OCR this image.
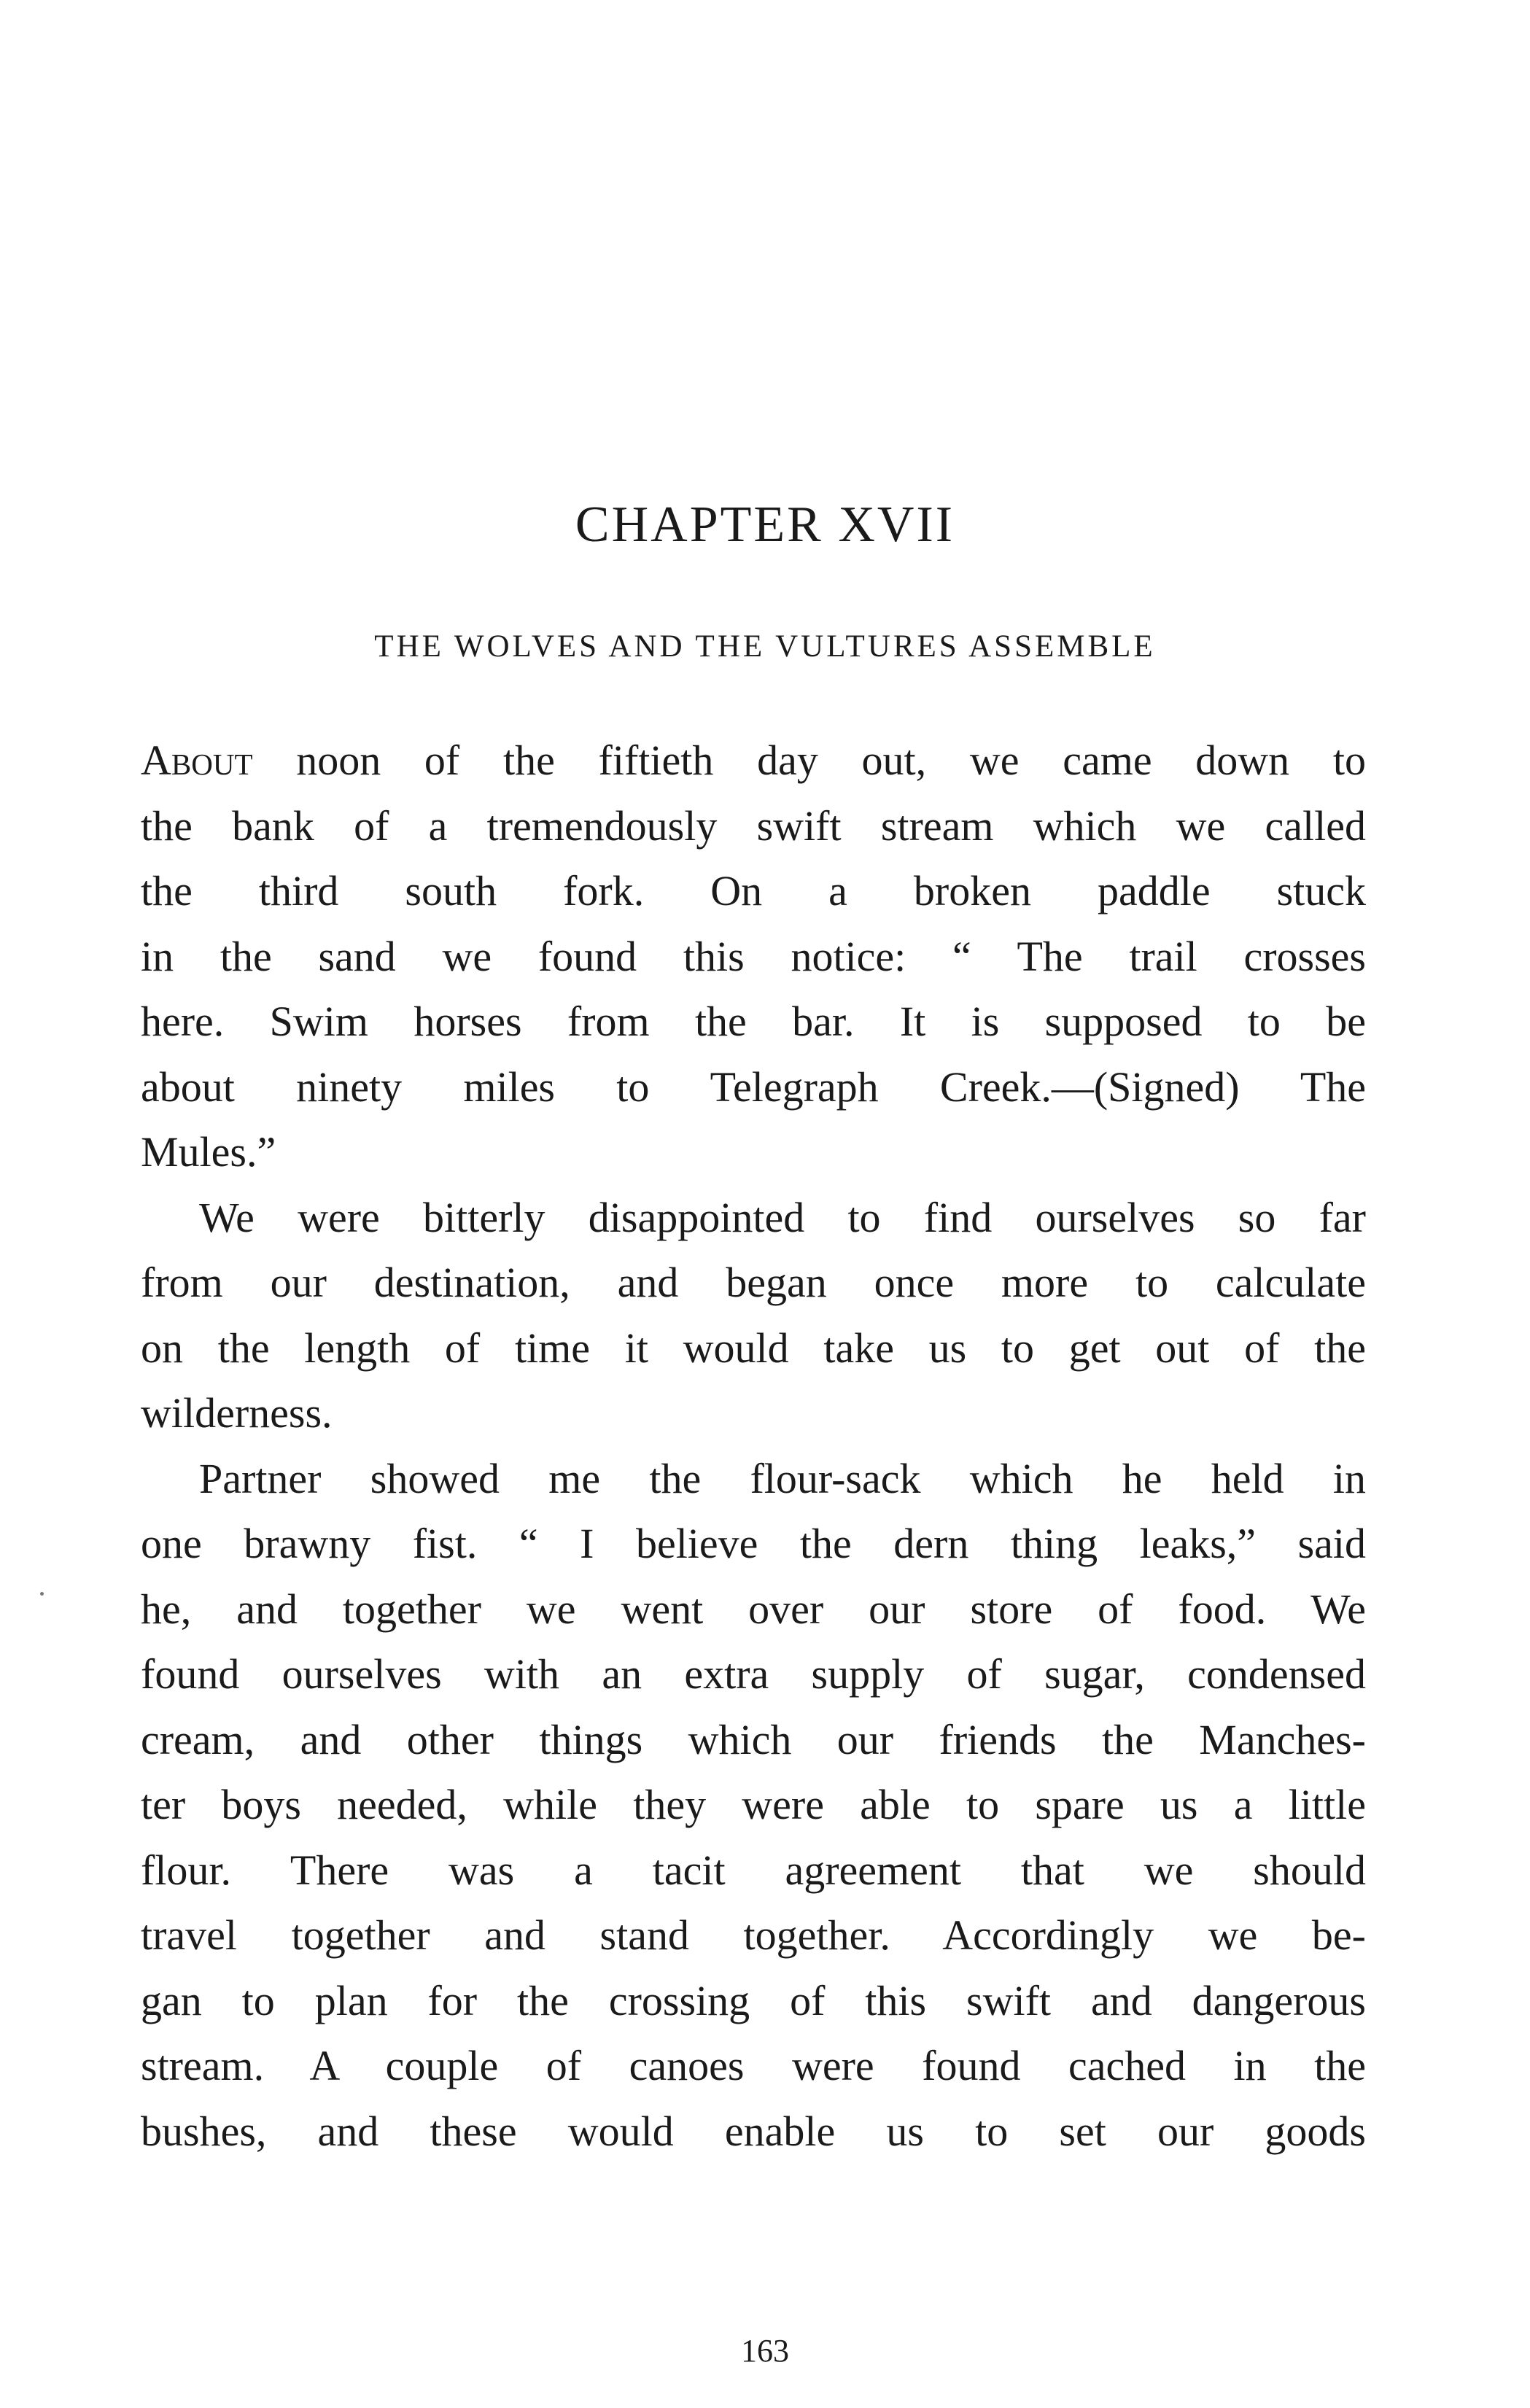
CHAPTER XVII
THE WOLVES AND THE VULTURES ASSEMBLE
About noon of the fiftieth day out, we came down to
the bank of a tremendously swift stream which we called
the third south fork. On a broken paddle stuck
in the sand we found this notice: “ The trail crosses
here. Swim horses from the bar. It is supposed to be
about ninety miles to Telegraph Creek.—(Signed) The
Mules.”
We were bitterly disappointed to find ourselves so far
from our destination, and began once more to calculate
on the length of time it would take us to get out of the
wilderness.
Partner showed me the flour-sack which he held in
one brawny fist. “ I believe the dern thing leaks,” said
he, and together we went over our store of food. We
found ourselves with an extra supply of sugar, condensed
cream, and other things which our friends the Manches-
ter boys needed, while they were able to spare us a little
flour. There was a tacit agreement that we should
travel together and stand together. Accordingly we be-
gan to plan for the crossing of this swift and dangerous
stream. A couple of canoes were found cached in the
bushes, and these would enable us to set our goods
163
